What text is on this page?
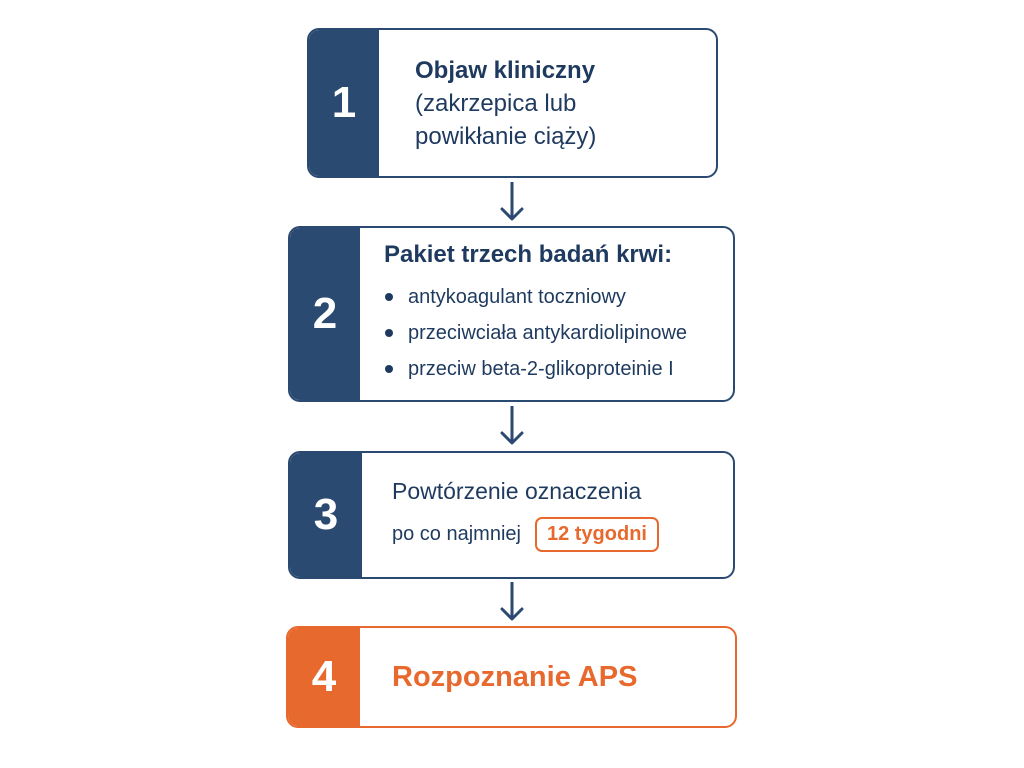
1
Objaw kliniczny
(zakrzepica lub
powikłanie ciąży)
2
Pakiet trzech badań krwi:
antykoagulant toczniowy
przeciwciała antykardiolipinowe
przeciw beta-2-glikoproteinie I
3	Powtórzenie oznaczenia
po co najmniej	12 tygodni
4	Rozpoznanie APS
